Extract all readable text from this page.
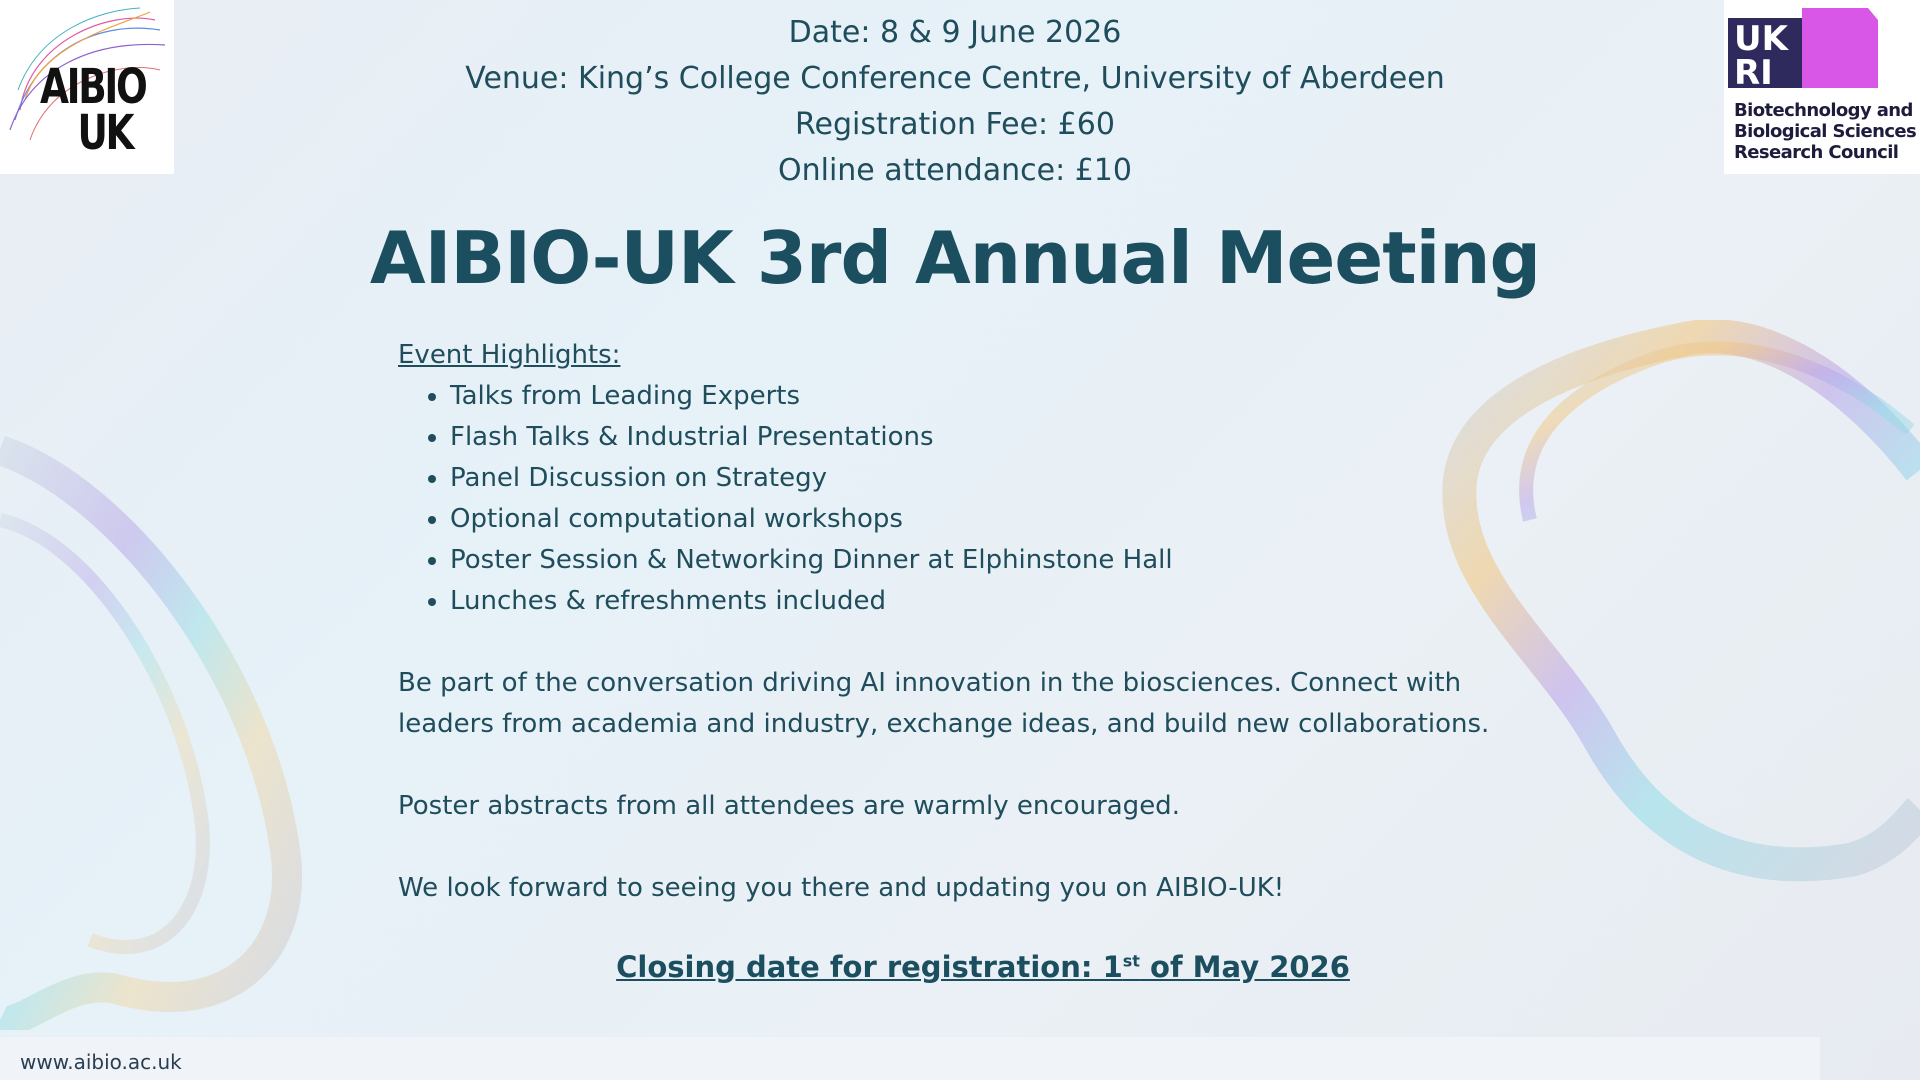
AIBIO
UK
UK
RI
Biotechnology and Biological Sciences Research Council
Date: 8 & 9 June 2026
Venue: King’s College Conference Centre, University of Aberdeen
Registration Fee: £60
Online attendance: £10
AIBIO-UK 3rd Annual Meeting
Event Highlights:
• Talks from Leading Experts
• Flash Talks & Industrial Presentations
• Panel Discussion on Strategy
• Optional computational workshops
• Poster Session & Networking Dinner at Elphinstone Hall
• Lunches & refreshments included

Be part of the conversation driving AI innovation in the biosciences. Connect with leaders from academia and industry, exchange ideas, and build new collaborations.

Poster abstracts from all attendees are warmly encouraged.

We look forward to seeing you there and updating you on AIBIO-UK!

Closing date for registration: 1st of May 2026
www.aibio.ac.uk
